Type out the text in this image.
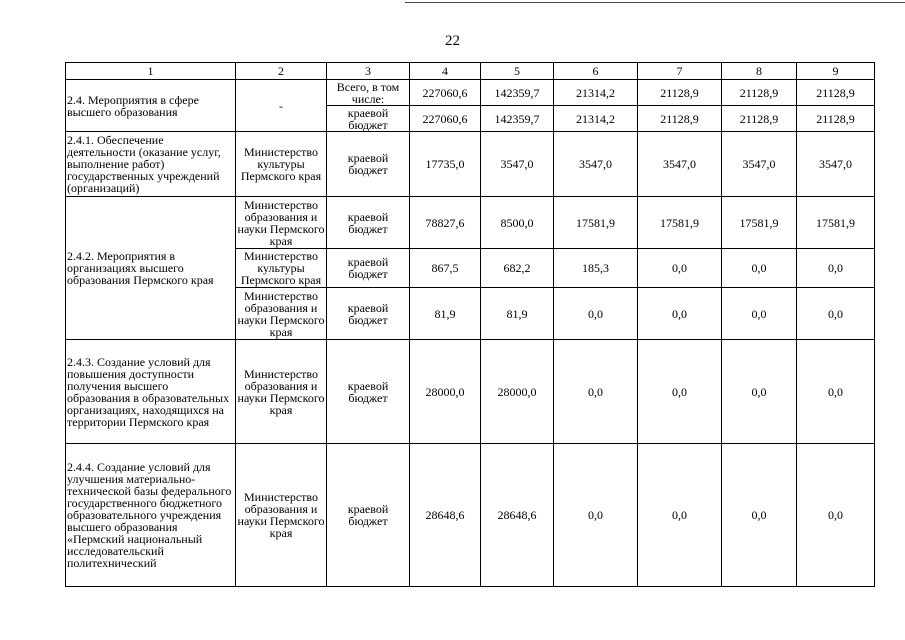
22
1	2	3	4	5	6	7	8	9
2.4. Мероприятия в сфере высшего образования	-	Всего, в том числе:	227060,6	142359,7	21314,2	21128,9	21128,9	21128,9
		краевой бюджет	227060,6	142359,7	21314,2	21128,9	21128,9	21128,9
2.4.1. Обеспечение деятельности (оказание услуг, выполнение работ) государственных учреждений (организаций)	Министерство культуры Пермского края	краевой бюджет	17735,0	3547,0	3547,0	3547,0	3547,0	3547,0
2.4.2. Мероприятия в организациях высшего образования Пермского края	Министерство образования и науки Пермского края	краевой бюджет	78827,6	8500,0	17581,9	17581,9	17581,9	17581,9
	Министерство культуры Пермского края	краевой бюджет	867,5	682,2	185,3	0,0	0,0	0,0
	Министерство образования и науки Пермского края	краевой бюджет	81,9	81,9	0,0	0,0	0,0	0,0
2.4.3. Создание условий для повышения доступности получения высшего образования в образовательных организациях, находящихся на территории Пермского края	Министерство образования и науки Пермского края	краевой бюджет	28000,0	28000,0	0,0	0,0	0,0	0,0
2.4.4. Создание условий для улучшения материально-технической базы федерального государственного бюджетного образовательного учреждения высшего образования «Пермский национальный исследовательский политехнический	Министерство образования и науки Пермского края	краевой бюджет	28648,6	28648,6	0,0	0,0	0,0	0,0
